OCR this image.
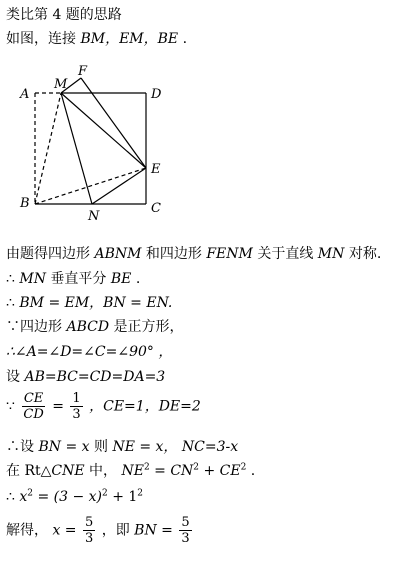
类比第 4 题的思路
如图，连接 BM，EM，BE .
A
M
F
D
E
B
N
C
由题得四边形 ABNM 和四边形 FENM 关于直线 MN 对称.
∴ MN 垂直平分 BE .
∴ BM = EM，BN = EN.
∵四边形 ABCD 是正方形，
∴∠A=∠D=∠C=∠90° ，
设 AB=BC=CD=DA=3
∵ $\frac{CE}{CD} = \frac{1}{3}$ ，CE=1，DE=2
∴设 BN = x 则 NE = x， NC=3-x
在 Rt△CNE 中， $NE^2 = CN^2 + CE^2$ .
∴ $x^2 = (3 - x)^2 + 1^2$
解得， $x = \frac{5}{3}$ ，即 BN = $\frac{5}{3}$
